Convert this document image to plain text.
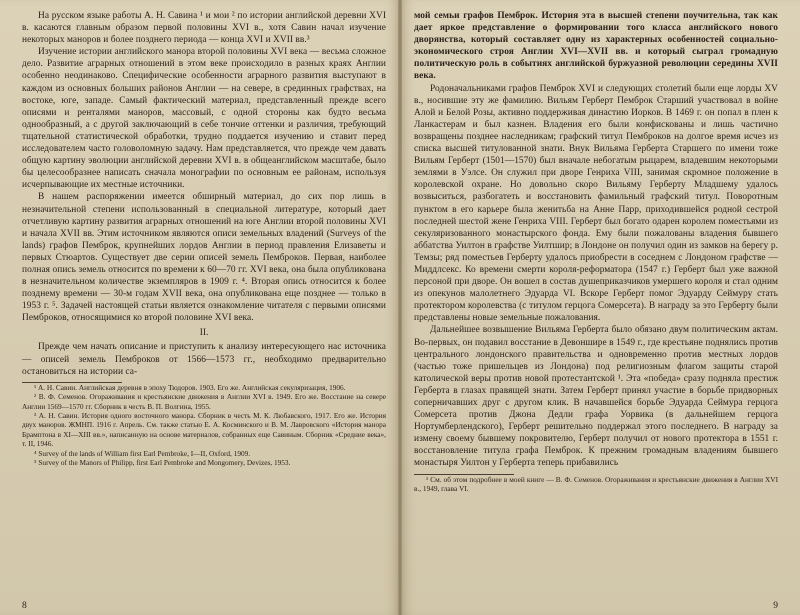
На русском языке работы А. Н. Савина ¹ и мои ² по истории английской деревни XVI в. касаются главным образом первой половины XVI в., хотя Савин начал изучение некоторых маноров и более позднего периода — конца XVI и XVII вв.³

Изучение истории английского манора второй половины XVI века — весьма сложное дело. Развитие аграрных отношений в этом веке происходило в разных краях Англии особенно неодинаково. Специфические особенности аграрного развития выступают в каждом из основных больших районов Англии — на севере, в срединных графствах, на востоке, юге, западе. Самый фактический материал, представленный прежде всего описями и ренталями маноров, массовый, с одной стороны как будто весьма однообразный, а с другой заключающий в себе тончие оттенки и различия, требующий тщательной статистической обработки, трудно поддается изучению и ставит перед исследователем часто головоломную задачу. Нам представляется, что прежде чем давать общую картину эволюции английской деревни XVI в. в общеанглийском масштабе, было бы целесообразнее написать сначала монографии по основным ее районам, используя исчерпывающие их местные источники.

В нашем распоряжении имеется обширный материал, до сих пор лишь в незначительной степени использованный в специальной литературе, который дает отчетливую картину развития аграрных отношений на юге Англии второй половины XVI и начала XVII вв. Этим источником являются описи земельных владений (Surveys of the lands) графов Пемброк, крупнейших лордов Англии в период правления Елизаветы и первых Стюартов. Существует две серии описей земель Пемброков. Первая, наиболее полная опись земель относится по времени к 60—70 гг. XVI века, она была опубликована в незначительном количестве экземпляров в 1909 г. ⁴. Вторая опись относится к более позднему времени — 30-м годам XVII века, она опубликована еще позднее — только в 1953 г. ⁵. Задачей настоящей статьи является ознакомление читателя с первыми описями Пемброков, относящимися ко второй половине XVI века.

II.

Прежде чем начать описание и приступить к анализу интересующего нас источника — описей земель Пемброков от 1566—1573 гг., необходимо предварительно остановиться на истории са-

¹ А. Н. Савин. Английская деревня в эпоху Тюдоров. 1903. Его же. Английская секуляризация, 1906.

² В. Ф. Семенов. Огораживания и крестьянские движения в Англии XVI в. 1949. Его же. Восстание на севере Англии 1569—1570 гг. Сборник в честь В. П. Волгина, 1955.

³ А. Н. Савин. История одного восточного манора. Сборник в честь М. К. Любавского, 1917. Его же. История двух маноров. ЖМНП. 1916 г. Апрель. См. также статью Е. А. Косминского и В. М. Лавровского «История манора Брамптона в XI—XIII вв.», написанную на основе материалов, собранных еще Савиным. Сборник «Средние века», т. II, 1946.

⁴ Survey of the lands of William first Earl Pembroke, I—II, Oxford, 1909.

⁵ Survey of the Manors of Philipp, first Earl Pembroke and Mongomery, Devizes, 1953.

8

мой семьи графов Пемброк. История эта в высшей степени поучительна, так как дает яркое представление о формировании того класса английского нового дворянства, который составляет одну из характерных особенностей социально-экономического строя Англии XVI—XVII вв. и который сыграл громадную политическую роль в событиях английской буржуазной революции середины XVII века.

Родоначальниками графов Пемброк XVI и следующих столетий были еще лорды XV в., носившие эту же фамилию. Вильям Герберт Пемброк Старший участвовал в войне Алой и Белой Розы, активно поддерживая династию Иорков. В 1469 г. он попал в плен к Ланкастерам и был казнен. Владения его были конфискованы и лишь частично возвращены позднее наследникам; графский титул Пемброков на долгое время исчез из списка высшей титулованной знати. Внук Вильяма Герберта Старшего по имени тоже Вильям Герберт (1501—1570) был вначале небогатым рыцарем, владевшим некоторыми землями в Уэлсе. Он служил при дворе Генриха VIII, занимая скромное положение в королевской охране. Но довольно скоро Вильяму Герберту Младшему удалось возвыситься, разбогатеть и восстановить фамильный графский титул. Поворотным пунктом в его карьере была женитьба на Анне Парр, приходившейся родной сестрой последней шестой жене Генриха VIII. Герберт был богато одарен королем поместьями из секуляризованного монастырского фонда. Ему были пожалованы владения бывшего аббатства Уилтон в графстве Уилтшир; в Лондоне он получил один из замков на берегу р. Темзы; ряд поместьев Герберту удалось приобрести в соседнем с Лондоном графстве — Миддлсекс. Ко времени смерти короля-реформатора (1547 г.) Герберт был уже важной персоной при дворе. Он вошел в состав душеприказчиков умершего короля и стал одним из опекунов малолетнего Эдуарда VI. Вскоре Герберт помог Эдуарду Сеймуру стать протектором королевства (с титулом герцога Сомерсета). В награду за это Герберту были представлены новые земельные пожалования.

Дальнейшее возвышение Вильяма Герберта было обязано двум политическим актам. Во-первых, он подавил восстание в Девоншире в 1549 г., где крестьяне поднялись против центрального лондонского правительства и одновременно против местных лордов (частью тоже пришельцев из Лондона) под религиозным флагом защиты старой католической веры против новой протестантской ¹. Эта «победа» сразу подняла престиж Герберта в глазах правящей знати. Затем Герберт принял участие в борьбе придворных соперничавших друг с другом клик. В начавшейся борьбе Эдуарда Сеймура герцога Сомерсета против Джона Дедли графа Уорвика (в дальнейшем герцога Нортумберлендского), Герберт решительно поддержал этого последнего. В награду за измену своему бывшему покровителю, Герберт получил от нового протектора в 1551 г. восстановление титула графа Пемброк. К прежним громадным владениям бывшего монастыря Уилтон у Герберта теперь прибавились

¹ См. об этом подробнее в моей книге — В. Ф. Семенов. Огораживания и крестьянские движения в Англии XVI в., 1949, глава VI.

9
